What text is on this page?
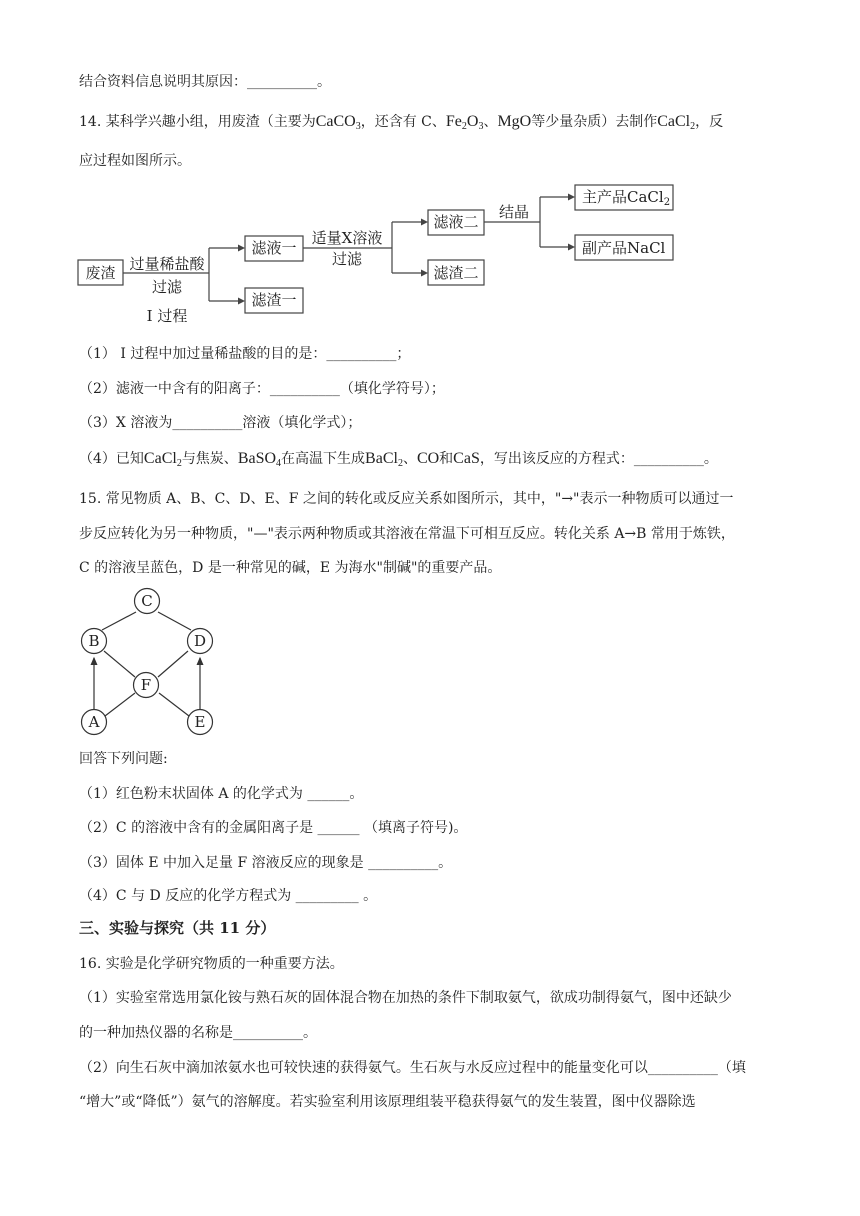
结合资料信息说明其原因：__________。
14. 某科学兴趣小组，用废渣（主要为CaCO$_3$，还含有 C、$Fe_2O_3$、MgO等少量杂质）去制作CaCl$_2$，反
应过程如图所示。
废渣 过量稀盐酸
过滤
I 过程
滤液一
滤渣一
适量X溶液
过滤
滤液二
滤渣二
结晶
主产品CaCl$_2$
副产品NaCl
（1） I 过程中加过量稀盐酸的目的是：__________；
（2）滤液一中含有的阳离子：__________（填化学符号）；
（3）X 溶液为__________溶液（填化学式）；
（4）已知CaCl$_2$与焦炭、BaSO$_4$在高温下生成BaCl$_2$、CO和CaS，写出该反应的方程式：__________。
15. 常见物质 A、B、C、D、E、F 之间的转化或反应关系如图所示，其中，"→"表示一种物质可以通过一
步反应转化为另一种物质，"—"表示两种物质或其溶液在常温下可相互反应。转化关系 A→B 常用于炼铁，
C 的溶液呈蓝色，D 是一种常见的碱，E 为海水"制碱"的重要产品。
C
B	D
F
A	E
回答下列问题:
（1）红色粉末状固体 A 的化学式为 ______。
（2）C 的溶液中含有的金属阳离子是 ______ （填离子符号)。
（3）固体 E 中加入足量 F 溶液反应的现象是 __________。
（4）C 与 D 反应的化学方程式为 _________ 。
三、实验与探究（共 11 分）
16. 实验是化学研究物质的一种重要方法。
（1）实验室常选用氯化铵与熟石灰的固体混合物在加热的条件下制取氨气，欲成功制得氨气，图中还缺少
的一种加热仪器的名称是__________。
（2）向生石灰中滴加浓氨水也可较快速的获得氨气。生石灰与水反应过程中的能量变化可以__________（填
“增大”或“降低”）氨气的溶解度。若实验室利用该原理组装平稳获得氨气的发生装置，图中仪器除选
